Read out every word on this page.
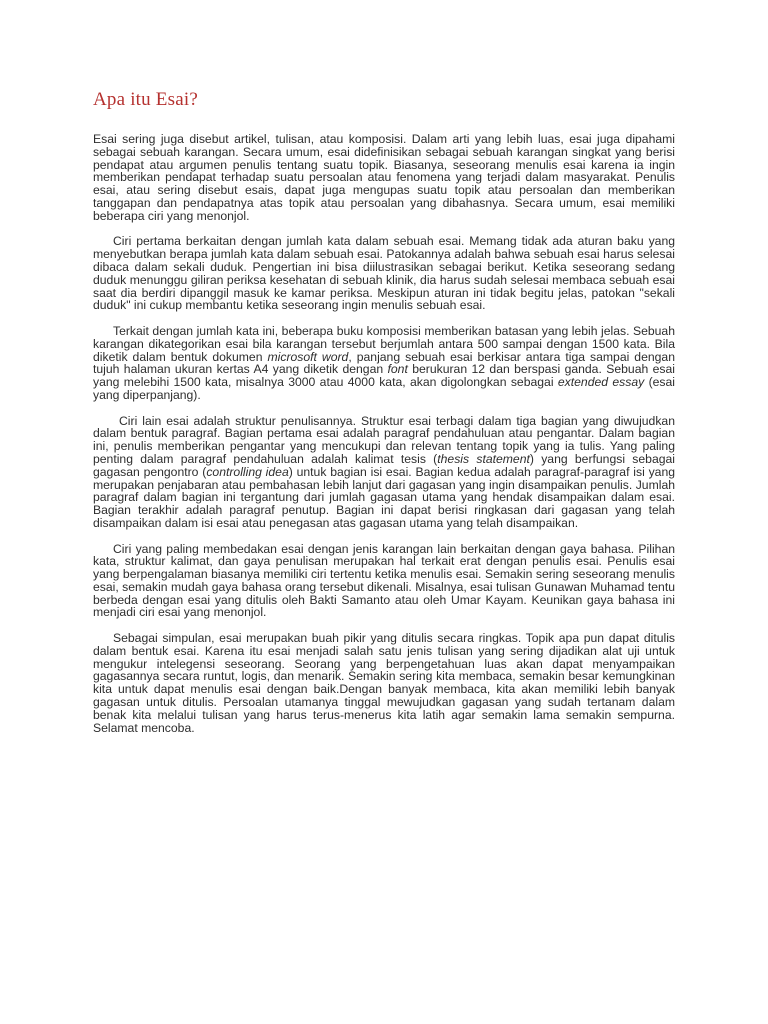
Apa itu Esai?

Esai sering juga disebut artikel, tulisan, atau komposisi. Dalam arti yang lebih luas, esai juga dipahami sebagai sebuah karangan. Secara umum, esai didefinisikan sebagai sebuah karangan singkat yang berisi pendapat atau argumen penulis tentang suatu topik. Biasanya, seseorang menulis esai karena ia ingin memberikan pendapat terhadap suatu persoalan atau fenomena yang terjadi dalam masyarakat. Penulis esai, atau sering disebut esais, dapat juga mengupas suatu topik atau persoalan dan memberikan tanggapan dan pendapatnya atas topik atau persoalan yang dibahasnya. Secara umum, esai memiliki beberapa ciri yang menonjol.

Ciri pertama berkaitan dengan jumlah kata dalam sebuah esai. Memang tidak ada aturan baku yang menyebutkan berapa jumlah kata dalam sebuah esai. Patokannya adalah bahwa sebuah esai harus selesai dibaca dalam sekali duduk. Pengertian ini bisa diilustrasikan sebagai berikut. Ketika seseorang sedang duduk menunggu giliran periksa kesehatan di sebuah klinik, dia harus sudah selesai membaca sebuah esai saat dia berdiri dipanggil masuk ke kamar periksa. Meskipun aturan ini tidak begitu jelas, patokan "sekali duduk" ini cukup membantu ketika seseorang ingin menulis sebuah esai.

Terkait dengan jumlah kata ini, beberapa buku komposisi memberikan batasan yang lebih jelas. Sebuah karangan dikategorikan esai bila karangan tersebut berjumlah antara 500 sampai dengan 1500 kata. Bila diketik dalam bentuk dokumen microsoft word, panjang sebuah esai berkisar antara tiga sampai dengan tujuh halaman ukuran kertas A4 yang diketik dengan font berukuran 12 dan berspasi ganda. Sebuah esai yang melebihi 1500 kata, misalnya 3000 atau 4000 kata, akan digolongkan sebagai extended essay (esai yang diperpanjang).

Ciri lain esai adalah struktur penulisannya. Struktur esai terbagi dalam tiga bagian yang diwujudkan dalam bentuk paragraf. Bagian pertama esai adalah paragraf pendahuluan atau pengantar. Dalam bagian ini, penulis memberikan pengantar yang mencukupi dan relevan tentang topik yang ia tulis. Yang paling penting dalam paragraf pendahuluan adalah kalimat tesis (thesis statement) yang berfungsi sebagai gagasan pengontro (controlling idea) untuk bagian isi esai. Bagian kedua adalah paragraf-paragraf isi yang merupakan penjabaran atau pembahasan lebih lanjut dari gagasan yang ingin disampaikan penulis. Jumlah paragraf dalam bagian ini tergantung dari jumlah gagasan utama yang hendak disampaikan dalam esai. Bagian terakhir adalah paragraf penutup. Bagian ini dapat berisi ringkasan dari gagasan yang telah disampaikan dalam isi esai atau penegasan atas gagasan utama yang telah disampaikan.

Ciri yang paling membedakan esai dengan jenis karangan lain berkaitan dengan gaya bahasa. Pilihan kata, struktur kalimat, dan gaya penulisan merupakan hal terkait erat dengan penulis esai. Penulis esai yang berpengalaman biasanya memiliki ciri tertentu ketika menulis esai. Semakin sering seseorang menulis esai, semakin mudah gaya bahasa orang tersebut dikenali. Misalnya, esai tulisan Gunawan Muhamad tentu berbeda dengan esai yang ditulis oleh Bakti Samanto atau oleh Umar Kayam. Keunikan gaya bahasa ini menjadi ciri esai yang menonjol.

Sebagai simpulan, esai merupakan buah pikir yang ditulis secara ringkas. Topik apa pun dapat ditulis dalam bentuk esai. Karena itu esai menjadi salah satu jenis tulisan yang sering dijadikan alat uji untuk mengukur intelegensi seseorang. Seorang yang berpengetahuan luas akan dapat menyampaikan gagasannya secara runtut, logis, dan menarik. Semakin sering kita membaca, semakin besar kemungkinan kita untuk dapat menulis esai dengan baik.Dengan banyak membaca, kita akan memiliki lebih banyak gagasan untuk ditulis. Persoalan utamanya tinggal mewujudkan gagasan yang sudah tertanam dalam benak kita melalui tulisan yang harus terus-menerus kita latih agar semakin lama semakin sempurna. Selamat mencoba.
